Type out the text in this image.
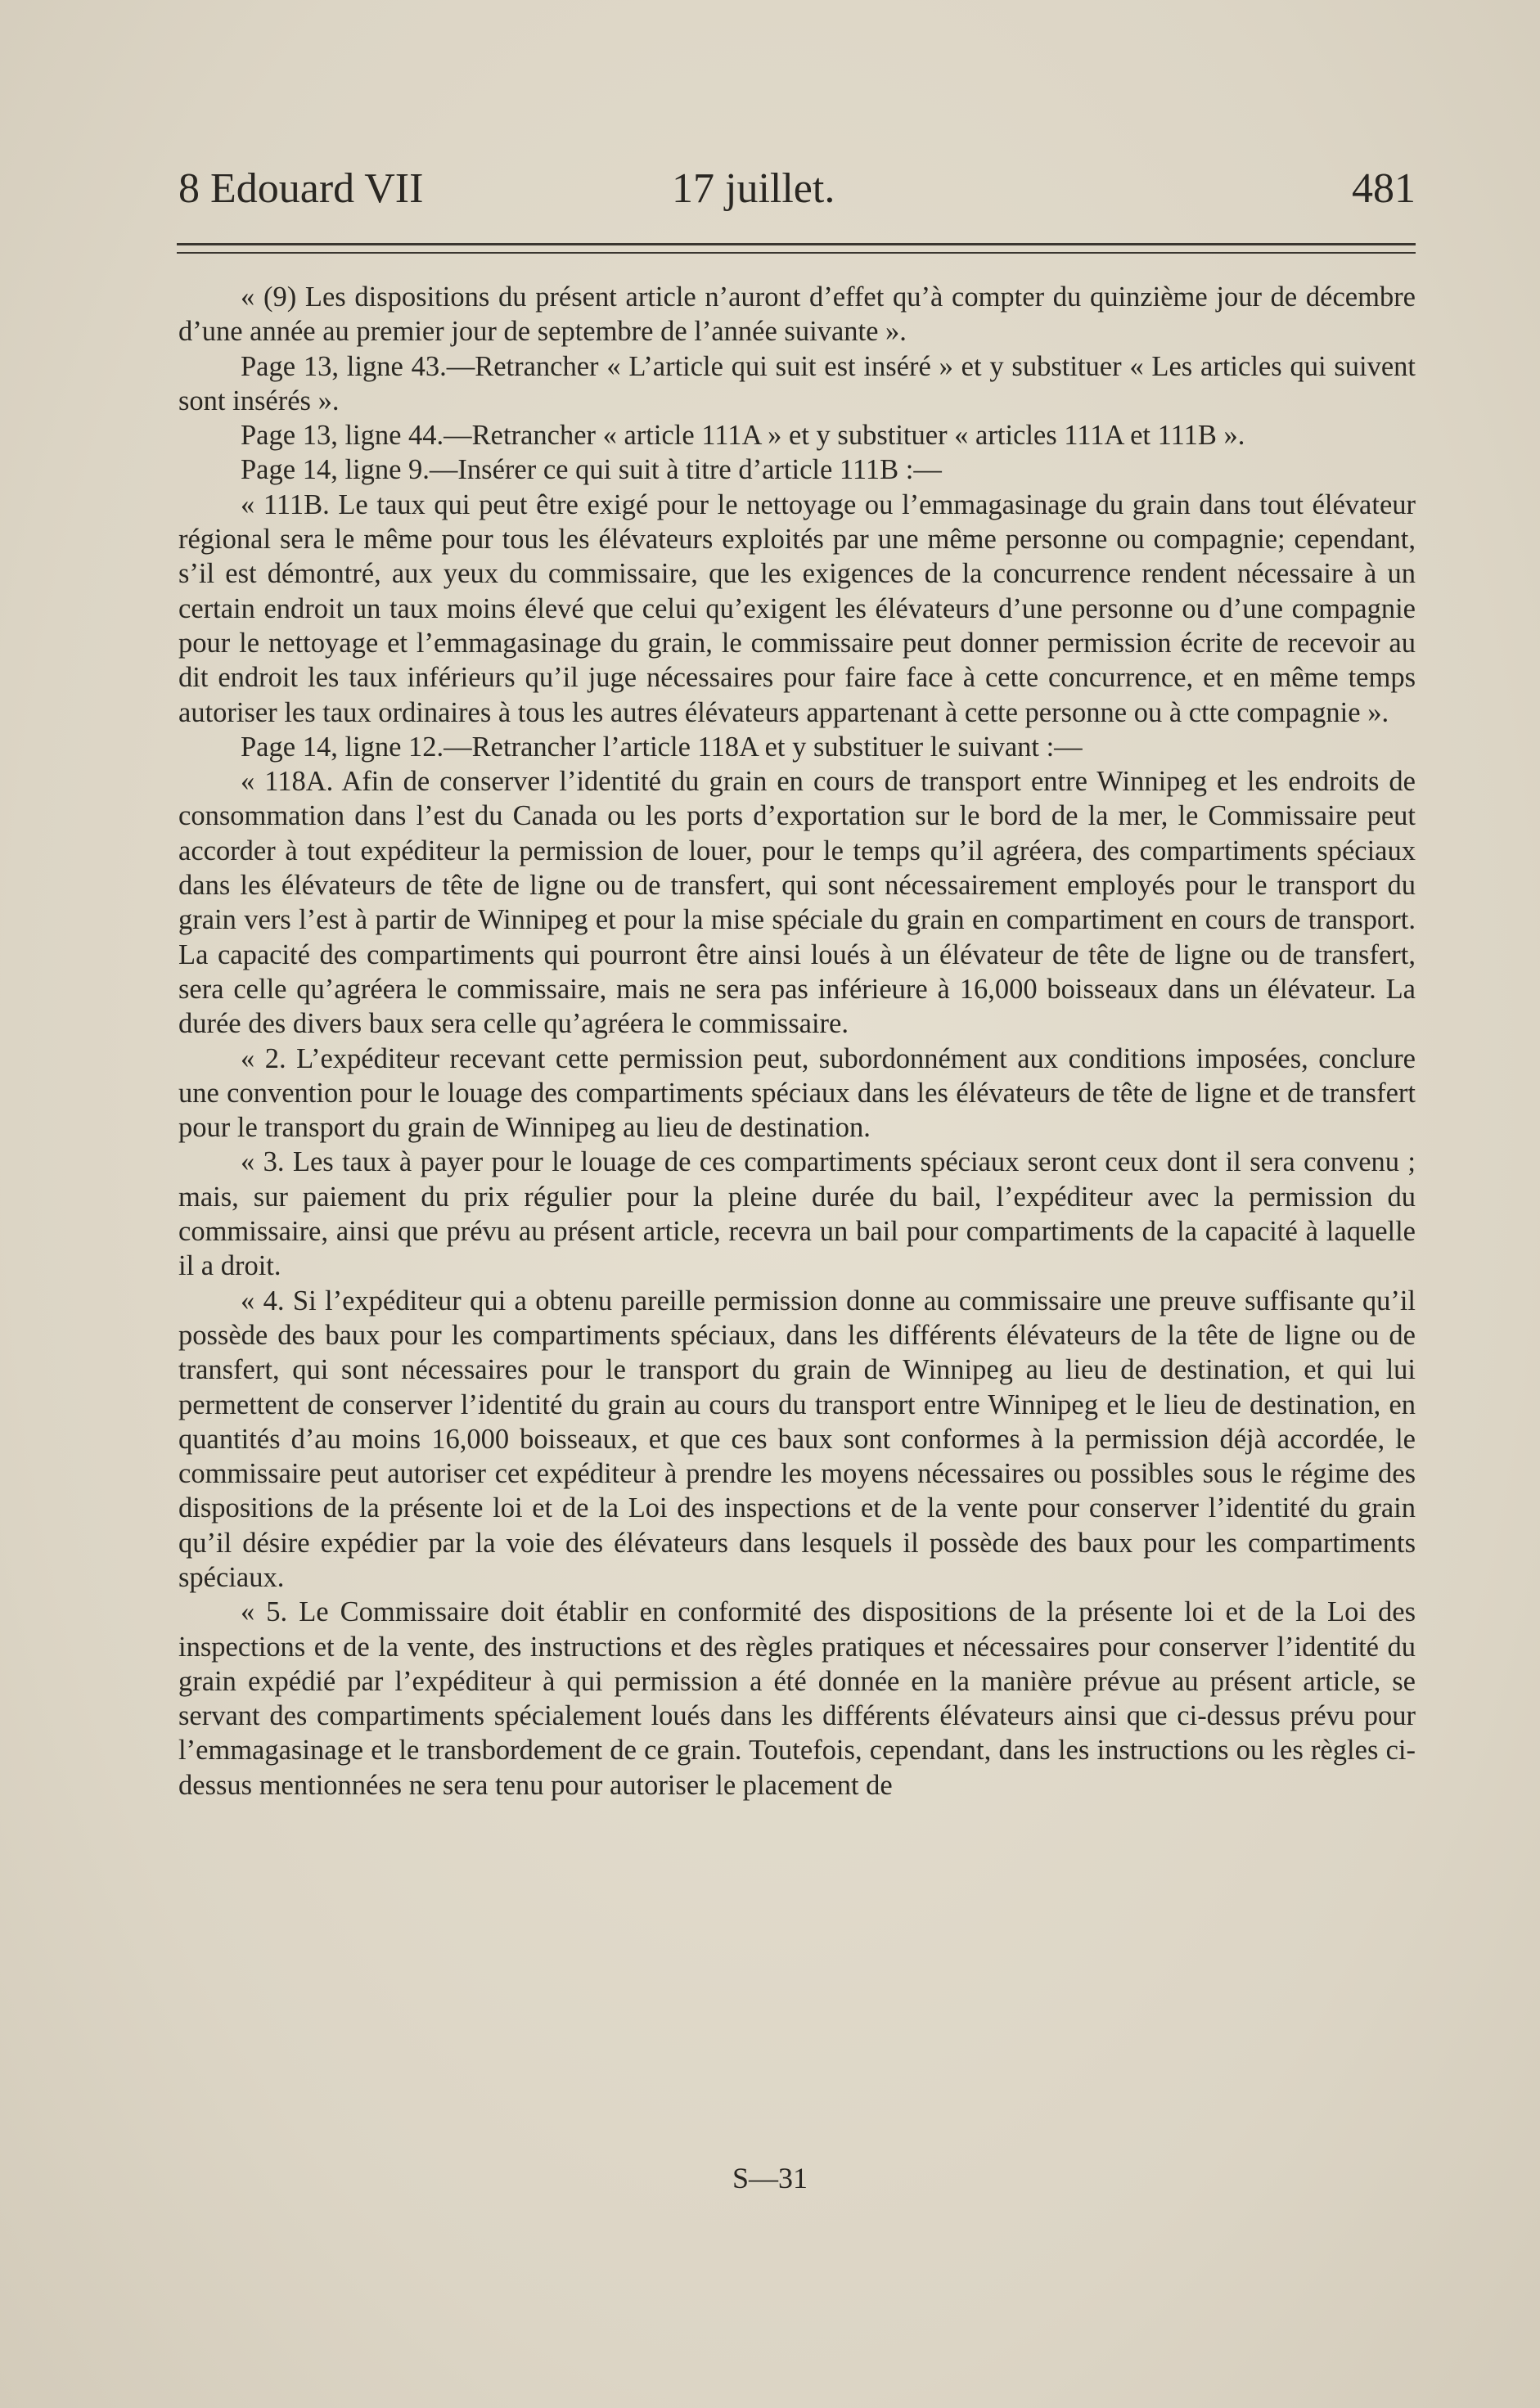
8 Edouard VII	17 juillet.	481

« (9) Les dispositions du présent article n’auront d’effet qu’à compter du quinzième jour de décembre d’une année au premier jour de septembre de l’année suivante ».

Page 13, ligne 43.—Retrancher « L’article qui suit est inséré » et y substituer « Les articles qui suivent sont insérés ».

Page 13, ligne 44.—Retrancher « article 111A » et y substituer « articles 111A et 111B ».

Page 14, ligne 9.—Insérer ce qui suit à titre d’article 111B :—

« 111B. Le taux qui peut être exigé pour le nettoyage ou l’emmagasinage du grain dans tout élévateur régional sera le même pour tous les élévateurs exploités par une même personne ou compagnie; cependant, s’il est démontré, aux yeux du commissaire, que les exigences de la concurrence rendent nécessaire à un certain endroit un taux moins élevé que celui qu’exigent les élévateurs d’une personne ou d’une compagnie pour le nettoyage et l’emmagasinage du grain, le commissaire peut donner permission écrite de recevoir au dit endroit les taux inférieurs qu’il juge nécessaires pour faire face à cette concurrence, et en même temps autoriser les taux ordinaires à tous les autres élévateurs appartenant à cette personne ou à ctte compagnie ».

Page 14, ligne 12.—Retrancher l’article 118A et y substituer le suivant :—

« 118A. Afin de conserver l’identité du grain en cours de transport entre Winnipeg et les endroits de consommation dans l’est du Canada ou les ports d’exportation sur le bord de la mer, le Commissaire peut accorder à tout expéditeur la permission de louer, pour le temps qu’il agréera, des compartiments spéciaux dans les élévateurs de tête de ligne ou de transfert, qui sont nécessairement employés pour le transport du grain vers l’est à partir de Winnipeg et pour la mise spéciale du grain en compartiment en cours de transport. La capacité des compartiments qui pourront être ainsi loués à un élévateur de tête de ligne ou de transfert, sera celle qu’agréera le commissaire, mais ne sera pas inférieure à 16,000 boisseaux dans un élévateur. La durée des divers baux sera celle qu’agréera le commissaire.

« 2. L’expéditeur recevant cette permission peut, subordonnément aux conditions imposées, conclure une convention pour le louage des compartiments spéciaux dans les élévateurs de tête de ligne et de transfert pour le transport du grain de Winnipeg au lieu de destination.

« 3. Les taux à payer pour le louage de ces compartiments spéciaux seront ceux dont il sera convenu ; mais, sur paiement du prix régulier pour la pleine durée du bail, l’expéditeur avec la permission du commissaire, ainsi que prévu au présent article, recevra un bail pour compartiments de la capacité à laquelle il a droit.

« 4. Si l’expéditeur qui a obtenu pareille permission donne au commissaire une preuve suffisante qu’il possède des baux pour les compartiments spéciaux, dans les différents élévateurs de la tête de ligne ou de transfert, qui sont nécessaires pour le transport du grain de Winnipeg au lieu de destination, et qui lui permettent de conserver l’identité du grain au cours du transport entre Winnipeg et le lieu de destination, en quantités d’au moins 16,000 boisseaux, et que ces baux sont conformes à la permission déjà accordée, le commissaire peut autoriser cet expéditeur à prendre les moyens nécessaires ou possibles sous le régime des dispositions de la présente loi et de la Loi des inspections et de la vente pour conserver l’identité du grain qu’il désire expédier par la voie des élévateurs dans lesquels il possède des baux pour les compartiments spéciaux.

« 5. Le Commissaire doit établir en conformité des dispositions de la présente loi et de la Loi des inspections et de la vente, des instructions et des règles pratiques et nécessaires pour conserver l’identité du grain expédié par l’expéditeur à qui permission a été donnée en la manière prévue au présent article, se servant des compartiments spécialement loués dans les différents élévateurs ainsi que ci-dessus prévu pour l’emmagasinage et le transbordement de ce grain. Toutefois, cependant, dans les instructions ou les règles ci-dessus mentionnées ne sera tenu pour autoriser le placement de

S—31
